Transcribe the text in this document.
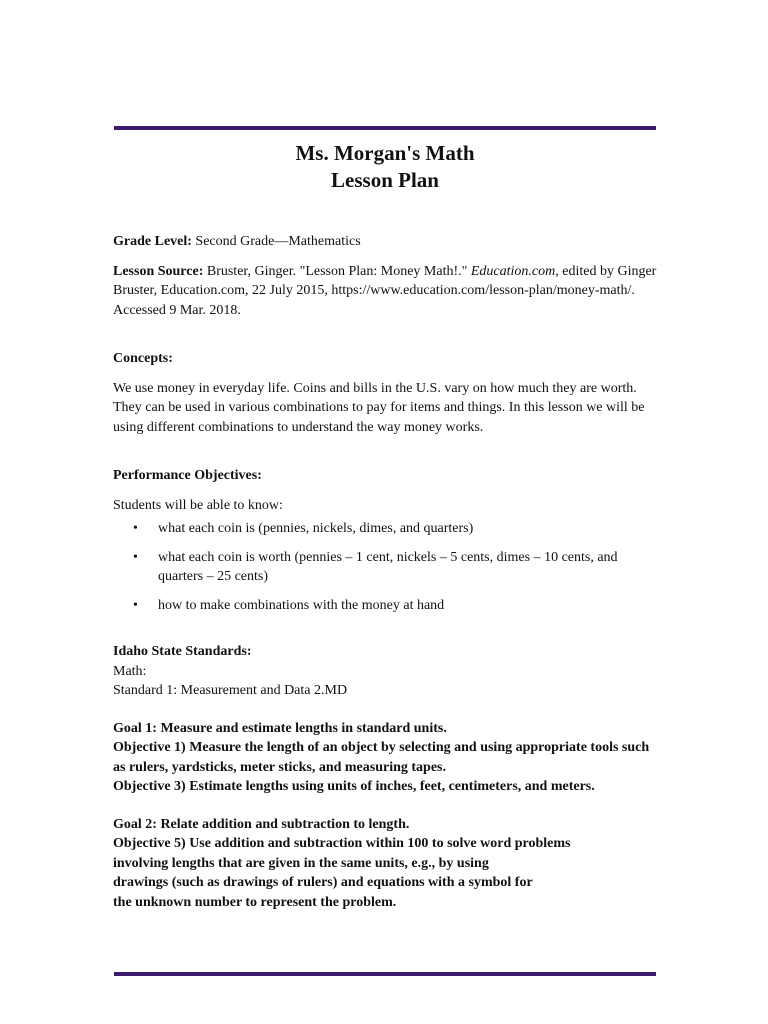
Ms. Morgan's Math
Lesson Plan

Grade Level: Second Grade—Mathematics

Lesson Source: Bruster, Ginger. "Lesson Plan: Money Math!." Education.com, edited by Ginger Bruster, Education.com, 22 July 2015, https://www.education.com/lesson-plan/money-math/. Accessed 9 Mar. 2018.

Concepts:

We use money in everyday life. Coins and bills in the U.S. vary on how much they are worth. They can be used in various combinations to pay for items and things. In this lesson we will be using different combinations to understand the way money works.

Performance Objectives:

Students will be able to know:

• what each coin is (pennies, nickels, dimes, and quarters)
• what each coin is worth (pennies – 1 cent, nickels – 5 cents, dimes – 10 cents, and quarters – 25 cents)
• how to make combinations with the money at hand

Idaho State Standards:

Math:

Standard 1: Measurement and Data 2.MD

Goal 1: Measure and estimate lengths in standard units.

Objective 1) Measure the length of an object by selecting and using appropriate tools such as rulers, yardsticks, meter sticks, and measuring tapes.

Objective 3) Estimate lengths using units of inches, feet, centimeters, and meters.

Goal 2: Relate addition and subtraction to length.

Objective 5) Use addition and subtraction within 100 to solve word problems

involving lengths that are given in the same units, e.g., by using

drawings (such as drawings of rulers) and equations with a symbol for

the unknown number to represent the problem.
